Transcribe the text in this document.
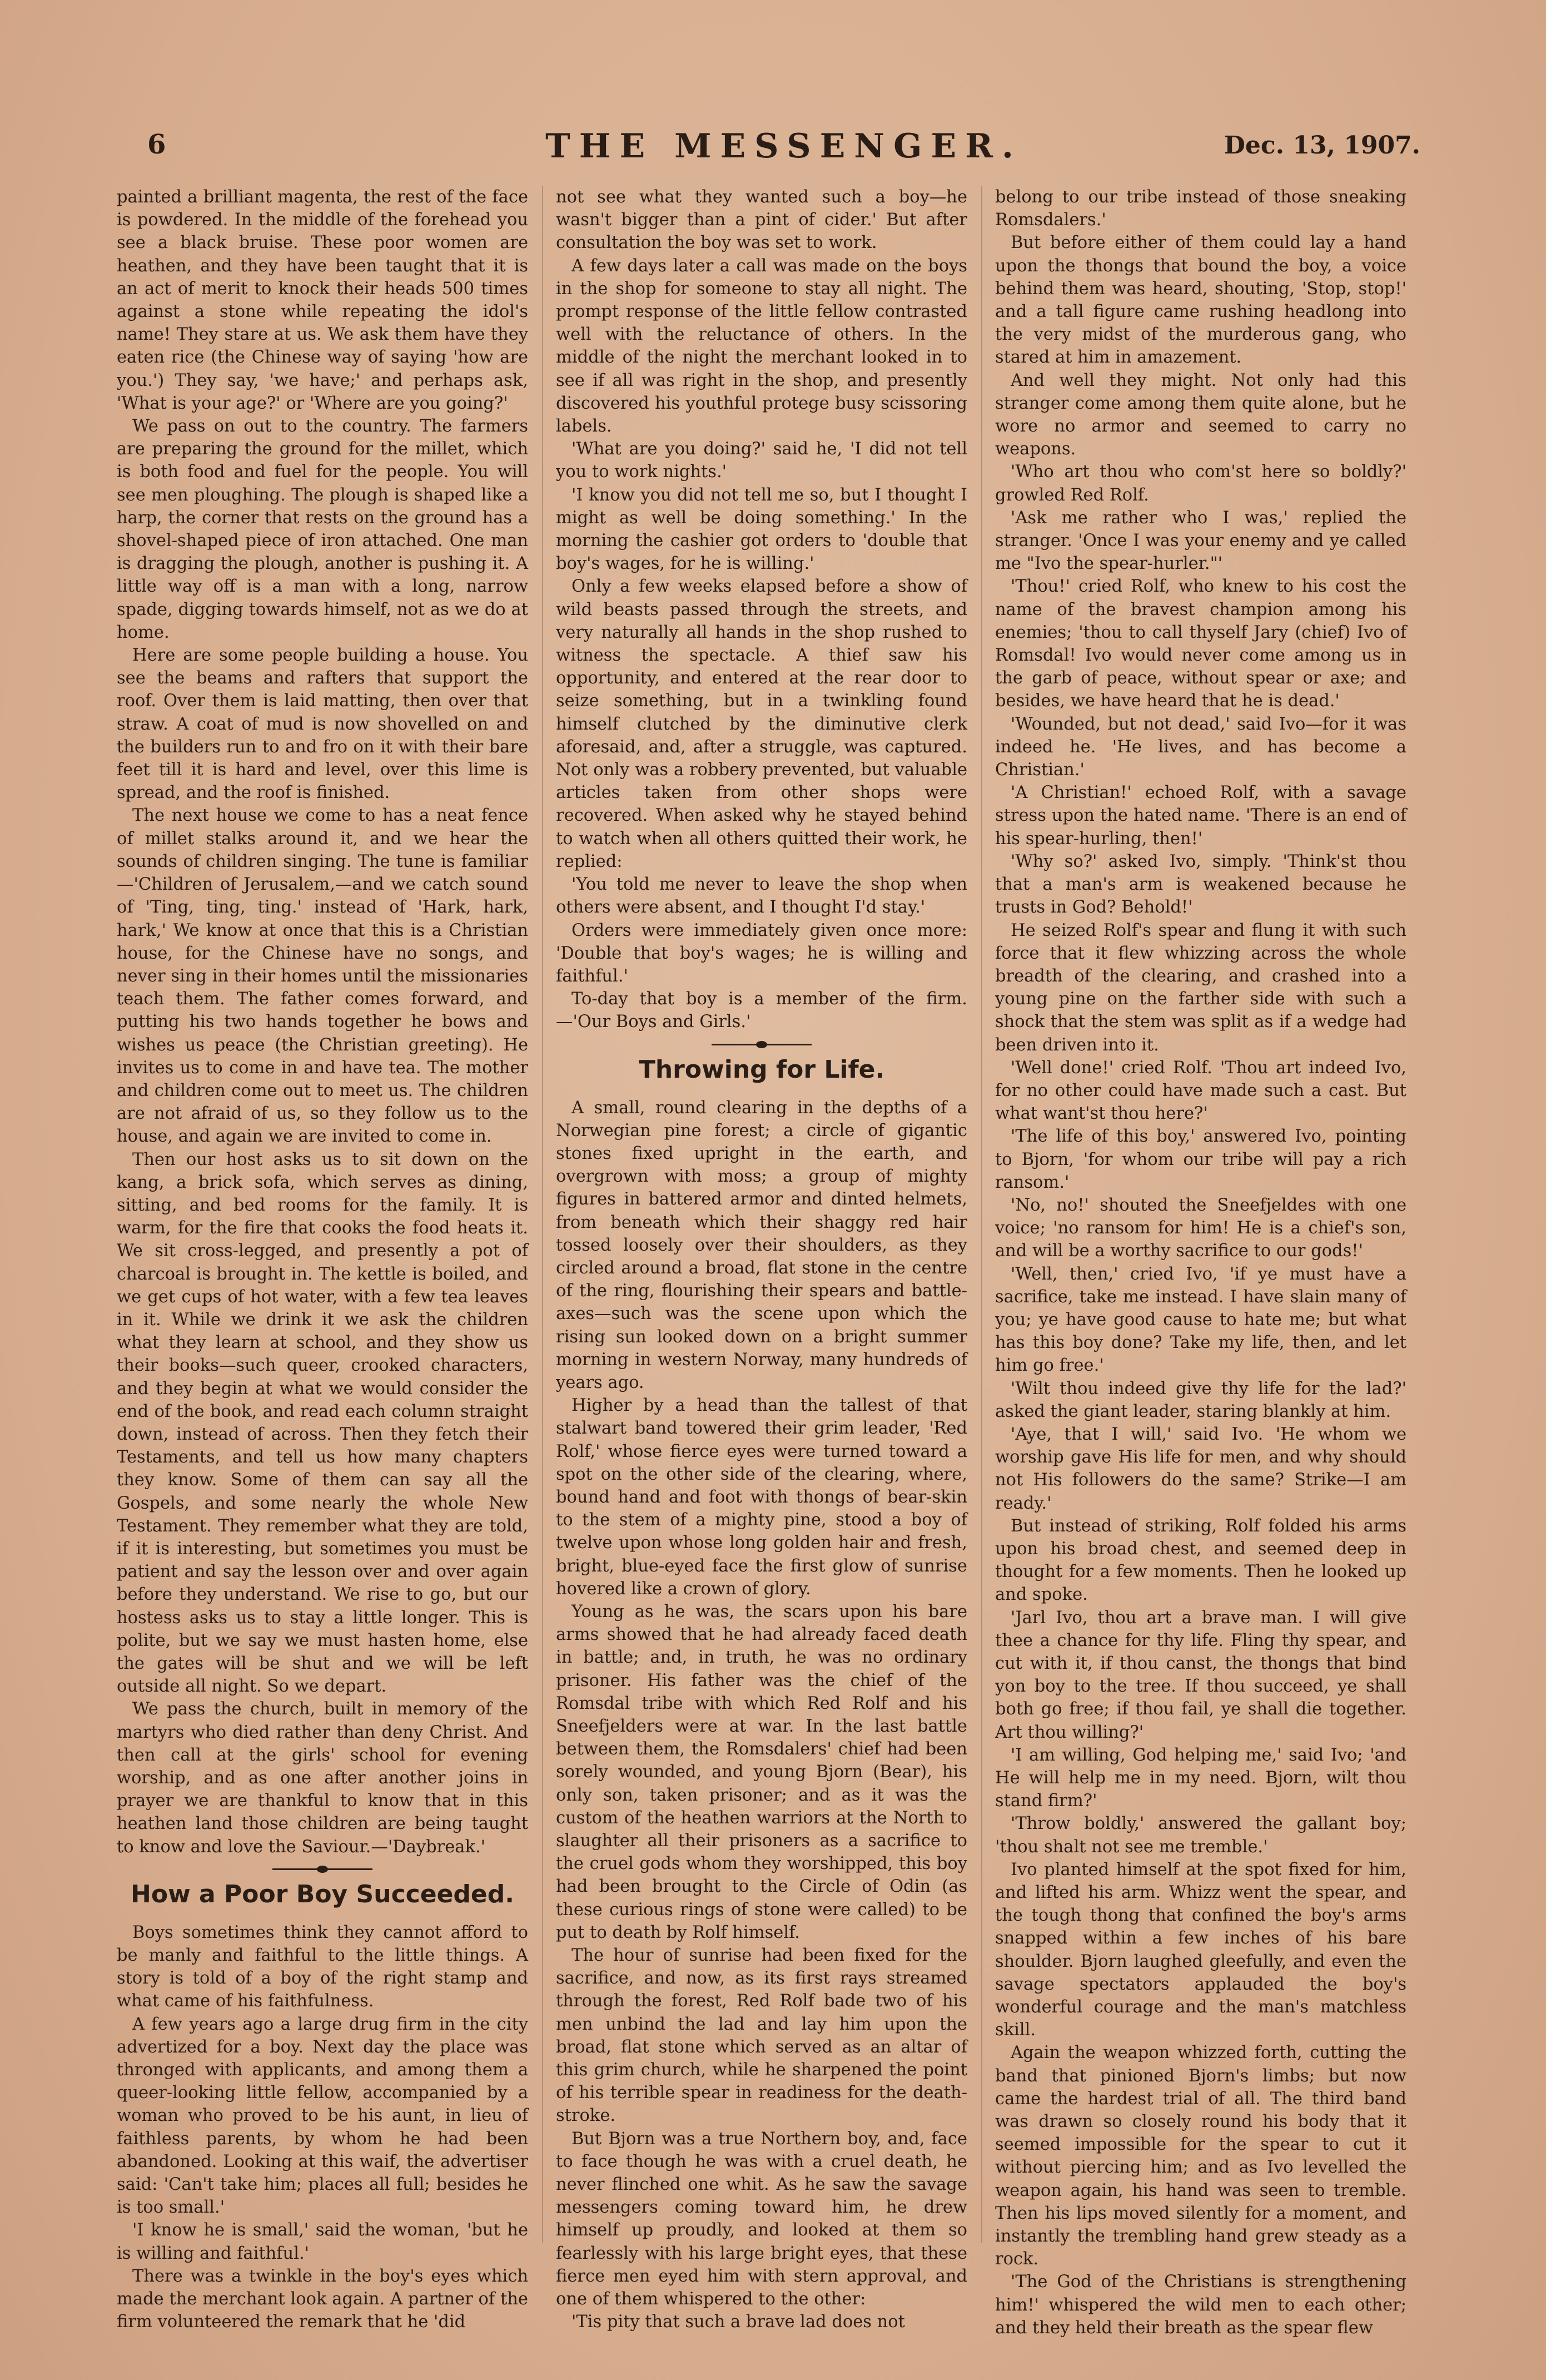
6	THE MESSENGER.	Dec. 13, 1907.

painted a brilliant magenta, the rest of the face is powdered. In the middle of the forehead you see a black bruise. These poor women are heathen, and they have been taught that it is an act of merit to knock their heads 500 times against a stone while repeating the idol's name! They stare at us. We ask them have they eaten rice (the Chinese way of saying 'how are you.') They say, 'we have;' and perhaps ask, 'What is your age?' or 'Where are you going?'

We pass on out to the country. The farmers are preparing the ground for the millet, which is both food and fuel for the people. You will see men ploughing. The plough is shaped like a harp, the corner that rests on the ground has a shovel-shaped piece of iron attached. One man is dragging the plough, another is pushing it. A little way off is a man with a long, narrow spade, digging towards himself, not as we do at home.

Here are some people building a house. You see the beams and rafters that support the roof. Over them is laid matting, then over that straw. A coat of mud is now shovelled on and the builders run to and fro on it with their bare feet till it is hard and level, over this lime is spread, and the roof is finished.

The next house we come to has a neat fence of millet stalks around it, and we hear the sounds of children singing. The tune is familiar—'Children of Jerusalem,—and we catch sound of 'Ting, ting, ting.' instead of 'Hark, hark, hark,' We know at once that this is a Christian house, for the Chinese have no songs, and never sing in their homes until the missionaries teach them. The father comes forward, and putting his two hands together he bows and wishes us peace (the Christian greeting). He invites us to come in and have tea. The mother and children come out to meet us. The children are not afraid of us, so they follow us to the house, and again we are invited to come in.

Then our host asks us to sit down on the kang, a brick sofa, which serves as dining, sitting, and bed rooms for the family. It is warm, for the fire that cooks the food heats it. We sit cross-legged, and presently a pot of charcoal is brought in. The kettle is boiled, and we get cups of hot water, with a few tea leaves in it. While we drink it we ask the children what they learn at school, and they show us their books—such queer, crooked characters, and they begin at what we would consider the end of the book, and read each column straight down, instead of across. Then they fetch their Testaments, and tell us how many chapters they know. Some of them can say all the Gospels, and some nearly the whole New Testament. They remember what they are told, if it is interesting, but sometimes you must be patient and say the lesson over and over again before they understand. We rise to go, but our hostess asks us to stay a little longer. This is polite, but we say we must hasten home, else the gates will be shut and we will be left outside all night. So we depart.

We pass the church, built in memory of the martyrs who died rather than deny Christ. And then call at the girls' school for evening worship, and as one after another joins in prayer we are thankful to know that in this heathen land those children are being taught to know and love the Saviour.—'Daybreak.'

How a Poor Boy Succeeded.

Boys sometimes think they cannot afford to be manly and faithful to the little things. A story is told of a boy of the right stamp and what came of his faithfulness.

A few years ago a large drug firm in the city advertized for a boy. Next day the place was thronged with applicants, and among them a queer-looking little fellow, accompanied by a woman who proved to be his aunt, in lieu of faithless parents, by whom he had been abandoned. Looking at this waif, the advertiser said: 'Can't take him; places all full; besides he is too small.'

'I know he is small,' said the woman, 'but he is willing and faithful.'

There was a twinkle in the boy's eyes which made the merchant look again. A partner of the firm volunteered the remark that he 'did

not see what they wanted such a boy—he wasn't bigger than a pint of cider.' But after consultation the boy was set to work.

A few days later a call was made on the boys in the shop for someone to stay all night. The prompt response of the little fellow contrasted well with the reluctance of others. In the middle of the night the merchant looked in to see if all was right in the shop, and presently discovered his youthful protege busy scissoring labels.

'What are you doing?' said he, 'I did not tell you to work nights.'

'I know you did not tell me so, but I thought I might as well be doing something.' In the morning the cashier got orders to 'double that boy's wages, for he is willing.'

Only a few weeks elapsed before a show of wild beasts passed through the streets, and very naturally all hands in the shop rushed to witness the spectacle. A thief saw his opportunity, and entered at the rear door to seize something, but in a twinkling found himself clutched by the diminutive clerk aforesaid, and, after a struggle, was captured. Not only was a robbery prevented, but valuable articles taken from other shops were recovered. When asked why he stayed behind to watch when all others quitted their work, he replied:

'You told me never to leave the shop when others were absent, and I thought I'd stay.'

Orders were immediately given once more: 'Double that boy's wages; he is willing and faithful.'

To-day that boy is a member of the firm.—'Our Boys and Girls.'

Throwing for Life.

A small, round clearing in the depths of a Norwegian pine forest; a circle of gigantic stones fixed upright in the earth, and overgrown with moss; a group of mighty figures in battered armor and dinted helmets, from beneath which their shaggy red hair tossed loosely over their shoulders, as they circled around a broad, flat stone in the centre of the ring, flourishing their spears and battle-axes—such was the scene upon which the rising sun looked down on a bright summer morning in western Norway, many hundreds of years ago.

Higher by a head than the tallest of that stalwart band towered their grim leader, 'Red Rolf,' whose fierce eyes were turned toward a spot on the other side of the clearing, where, bound hand and foot with thongs of bear-skin to the stem of a mighty pine, stood a boy of twelve upon whose long golden hair and fresh, bright, blue-eyed face the first glow of sunrise hovered like a crown of glory.

Young as he was, the scars upon his bare arms showed that he had already faced death in battle; and, in truth, he was no ordinary prisoner. His father was the chief of the Romsdal tribe with which Red Rolf and his Sneefjelders were at war. In the last battle between them, the Romsdalers' chief had been sorely wounded, and young Bjorn (Bear), his only son, taken prisoner; and as it was the custom of the heathen warriors at the North to slaughter all their prisoners as a sacrifice to the cruel gods whom they worshipped, this boy had been brought to the Circle of Odin (as these curious rings of stone were called) to be put to death by Rolf himself.

The hour of sunrise had been fixed for the sacrifice, and now, as its first rays streamed through the forest, Red Rolf bade two of his men unbind the lad and lay him upon the broad, flat stone which served as an altar of this grim church, while he sharpened the point of his terrible spear in readiness for the death-stroke.

But Bjorn was a true Northern boy, and, face to face though he was with a cruel death, he never flinched one whit. As he saw the savage messengers coming toward him, he drew himself up proudly, and looked at them so fearlessly with his large bright eyes, that these fierce men eyed him with stern approval, and one of them whispered to the other:

'Tis pity that such a brave lad does not

belong to our tribe instead of those sneaking Romsdalers.'

But before either of them could lay a hand upon the thongs that bound the boy, a voice behind them was heard, shouting, 'Stop, stop!' and a tall figure came rushing headlong into the very midst of the murderous gang, who stared at him in amazement.

And well they might. Not only had this stranger come among them quite alone, but he wore no armor and seemed to carry no weapons.

'Who art thou who com'st here so boldly?' growled Red Rolf.

'Ask me rather who I was,' replied the stranger. 'Once I was your enemy and ye called me "Ivo the spear-hurler."'

'Thou!' cried Rolf, who knew to his cost the name of the bravest champion among his enemies; 'thou to call thyself Jary (chief) Ivo of Romsdal! Ivo would never come among us in the garb of peace, without spear or axe; and besides, we have heard that he is dead.'

'Wounded, but not dead,' said Ivo—for it was indeed he. 'He lives, and has become a Christian.'

'A Christian!' echoed Rolf, with a savage stress upon the hated name. 'There is an end of his spear-hurling, then!'

'Why so?' asked Ivo, simply. 'Think'st thou that a man's arm is weakened because he trusts in God? Behold!'

He seized Rolf's spear and flung it with such force that it flew whizzing across the whole breadth of the clearing, and crashed into a young pine on the farther side with such a shock that the stem was split as if a wedge had been driven into it.

'Well done!' cried Rolf. 'Thou art indeed Ivo, for no other could have made such a cast. But what want'st thou here?'

'The life of this boy,' answered Ivo, pointing to Bjorn, 'for whom our tribe will pay a rich ransom.'

'No, no!' shouted the Sneefjeldes with one voice; 'no ransom for him! He is a chief's son, and will be a worthy sacrifice to our gods!'

'Well, then,' cried Ivo, 'if ye must have a sacrifice, take me instead. I have slain many of you; ye have good cause to hate me; but what has this boy done? Take my life, then, and let him go free.'

'Wilt thou indeed give thy life for the lad?' asked the giant leader, staring blankly at him.

'Aye, that I will,' said Ivo. 'He whom we worship gave His life for men, and why should not His followers do the same? Strike—I am ready.'

But instead of striking, Rolf folded his arms upon his broad chest, and seemed deep in thought for a few moments. Then he looked up and spoke.

'Jarl Ivo, thou art a brave man. I will give thee a chance for thy life. Fling thy spear, and cut with it, if thou canst, the thongs that bind yon boy to the tree. If thou succeed, ye shall both go free; if thou fail, ye shall die together. Art thou willing?'

'I am willing, God helping me,' said Ivo; 'and He will help me in my need. Bjorn, wilt thou stand firm?'

'Throw boldly,' answered the gallant boy; 'thou shalt not see me tremble.'

Ivo planted himself at the spot fixed for him, and lifted his arm. Whizz went the spear, and the tough thong that confined the boy's arms snapped within a few inches of his bare shoulder. Bjorn laughed gleefully, and even the savage spectators applauded the boy's wonderful courage and the man's matchless skill.

Again the weapon whizzed forth, cutting the band that pinioned Bjorn's limbs; but now came the hardest trial of all. The third band was drawn so closely round his body that it seemed impossible for the spear to cut it without piercing him; and as Ivo levelled the weapon again, his hand was seen to tremble. Then his lips moved silently for a moment, and instantly the trembling hand grew steady as a rock.

'The God of the Christians is strengthening him!' whispered the wild men to each other; and they held their breath as the spear flew
